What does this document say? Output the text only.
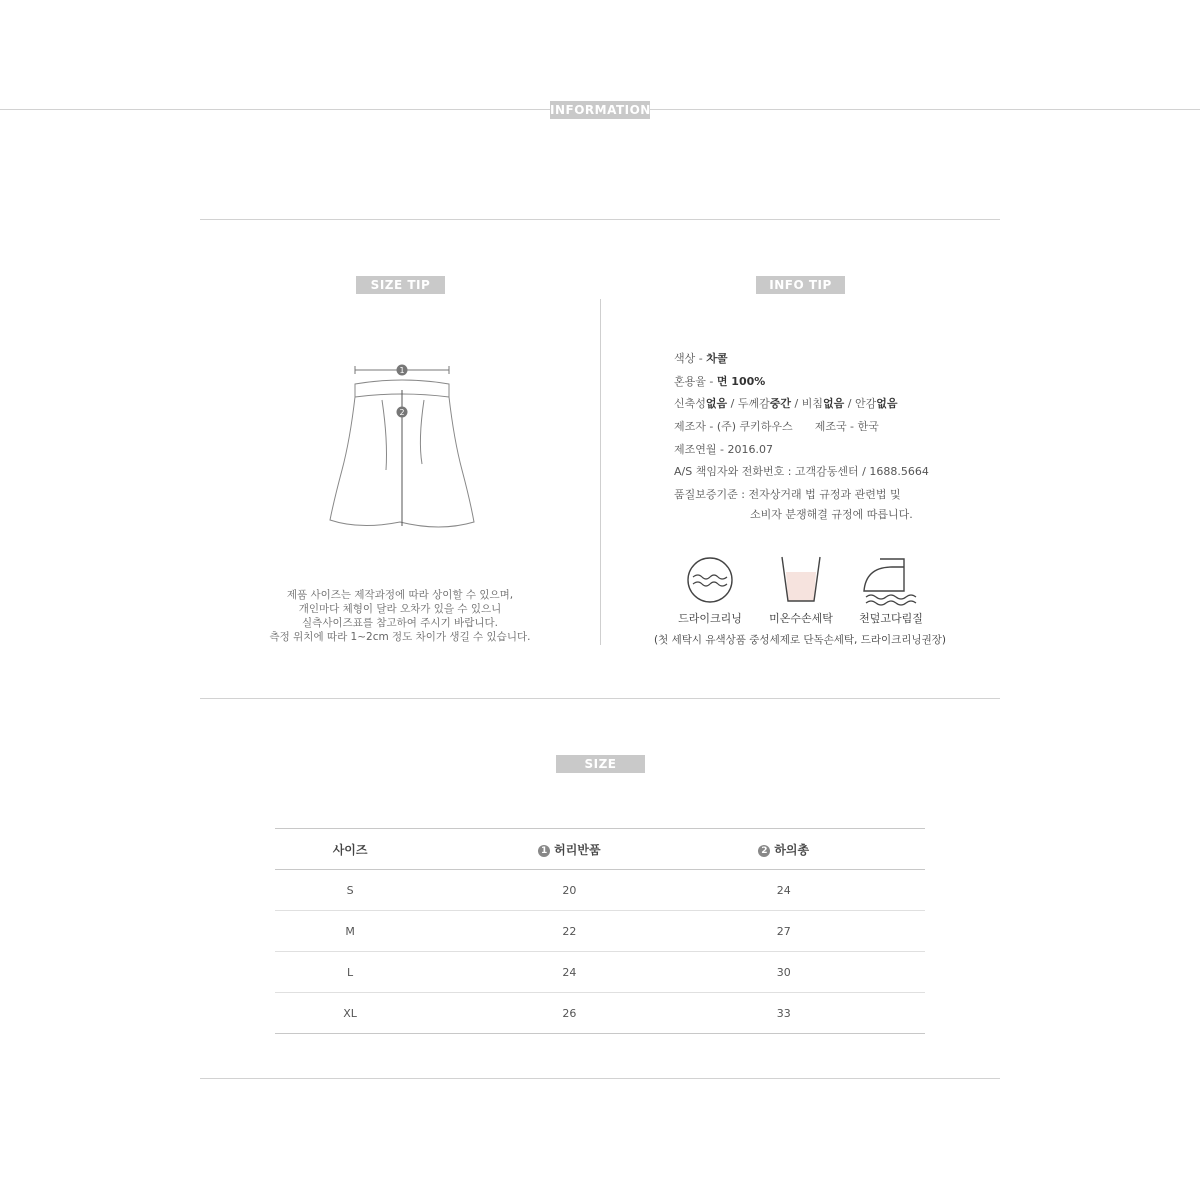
INFORMATION
SIZE TIP
1
2
제품 사이즈는 제작과정에 따라 상이할 수 있으며,
개인마다 체형이 달라 오차가 있을 수 있으니
실측사이즈표를 참고하여 주시기 바랍니다.
측정 위치에 따라 1~2cm 정도 차이가 생길 수 있습니다.
INFO TIP
색상 - 차콜
혼용율 - 면 100%
신축성없음 / 두께감중간 / 비침없음 / 안감없음
제조자 - (주) 쿠키하우스 제조국 - 한국
제조연월 - 2016.07
A/S 책임자와 전화번호 : 고객감동센터 / 1688.5664
품질보증기준 : 전자상거래 법 규정과 관련법 및
소비자 분쟁해결 규정에 따릅니다.
드라이크리닝	미온수손세탁	천덮고다림질
(첫 세탁시 유색상품 중성세제로 단독손세탁, 드라이크리닝권장)
SIZE
사이즈	1 허리반품	2 하의총	
S	20	24	
M	22	27	
L	24	30	
XL	26	33	
